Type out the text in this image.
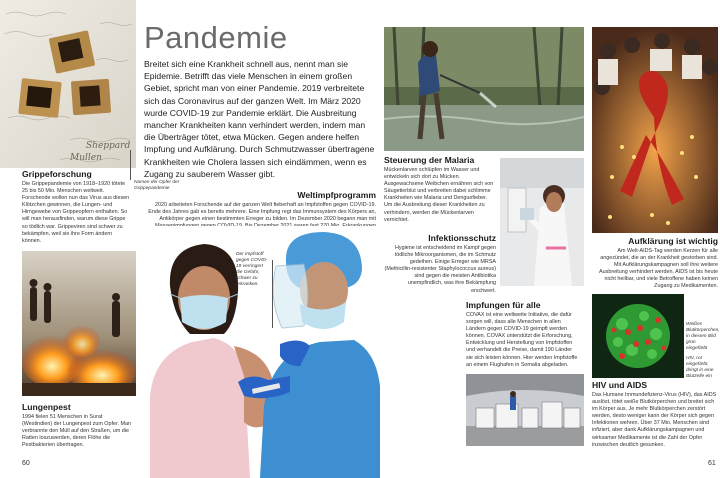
Sheppard
Mullen
Grippeforschung
Die Grippepandemie von 1918–1920 tötete 25 bis 50 Mio. Menschen weltweit. Forschende wollen nun das Virus aus diesen Klötzchen gewinnen, die Lungen- und Hirngewebe von Grippeopfern enthalten. So will man herausfinden, warum diese Grippe so tödlich war. Grippeviren sind schwer zu bekämpfen, weil sie ihre Form ändern können.
Namen der Opfer der Grippepandemie
Pandemie
Breitet sich eine Krankheit schnell aus, nennt man sie Epidemie. Betrifft das viele Menschen in einem großen Gebiet, spricht man von einer Pandemie. 2019 verbreitete sich das Coronavirus auf der ganzen Welt. Im März 2020 wurde COVID-19 zur Pandemie erklärt. Die Ausbreitung mancher Krankheiten kann verhindert werden, indem man die Überträger tötet, etwa Mücken. Gegen andere helfen Impfung und Aufklärung. Durch Schmutzwasser übertragene Krankheiten wie Cholera lassen sich eindämmen, wenn es Zugang zu sauberem Wasser gibt.
Weltimpfprogramm
2020 arbeiteten Forschende auf der ganzen Welt fieberhaft an Impfstoffen gegen COVID-19. Ende des Jahres gab es bereits mehrere. Eine Impfung regt das Immunsystem des Körpers an, Antikörper gegen einen bestimmten Erreger zu bilden. Im Dezember 2020 begann man mit
Lungenpest
1994 fielen 51 Menschen in Surat (Westindien) der Lungenpest zum Opfer. Man verbrannte den Müll auf den Straßen, um die Ratten loszuwerden, deren Flöhe die Pestbakterien übertragen.
Der Impfstoff gegen COVID-19 verringert die Gefahr, schwer zu erkranken.
60
Steuerung der Malaria
Mückenlarven schlüpfen im Wasser und entwickeln sich dort zu Mücken. Ausgewachsene Weibchen ernähren sich von Säugetierblut und verbreiten dabei schlimme Krankheiten wie Malaria und Denguefieber. Um die Ausbreitung dieser Krankheiten zu verhindern, werden die Mückenlarven vernichtet.
Infektionsschutz
Hygiene ist entscheidend im Kampf gegen tödliche Mikroorganismen, die im Schmutz gedeihen. Einige Erreger wie MRSA (Methicillin-resistenter Staphylococcus aureus) sind gegen die meisten Antibiotika unempfindlich, was ihre Bekämpfung erschwert.
Impfungen für alle
COVAX ist eine weltweite Initiative, die dafür sorgen will, dass alle Menschen in allen Ländern gegen COVID-19 geimpft werden können. COVAX unterstützt die Erforschung, Entwicklung und Herstellung von Impfstoffen und verhandelt die Preise, damit 190 Länder sie sich leisten können. Hier werden Impfstoffe an einem Flughafen in Somalia abgeladen.
Aufklärung ist wichtig
Am Welt-AIDS-Tag werden Kerzen für alle angezündet, die an der Krankheit gestorben sind. Mit Aufklärungskampagnen soll ihre weitere Ausbreitung verhindert werden. AIDS ist bis heute nicht heilbar, und viele Betroffene haben keinen Zugang zu Medikamenten.
Weißes Blutkörperchen, in diesem Bild grün eingefärbt
HIV, rot eingefärbt, dringt in eine Blutzelle ein
HIV und AIDS
Das Humane Immundefizienz-Virus (HIV), das AIDS auslöst, tötet weiße Blutkörperchen und breitet sich im Körper aus. Je mehr Blutkörperchen zerstört werden, desto weniger kann der Körper sich gegen Infektionen wehren. Über 37 Mio. Menschen sind infiziert, aber dank Aufklärungskampagnen und wirksamer Medikamente ist die Zahl der Opfer inzwischen deutlich gesunken.
61
